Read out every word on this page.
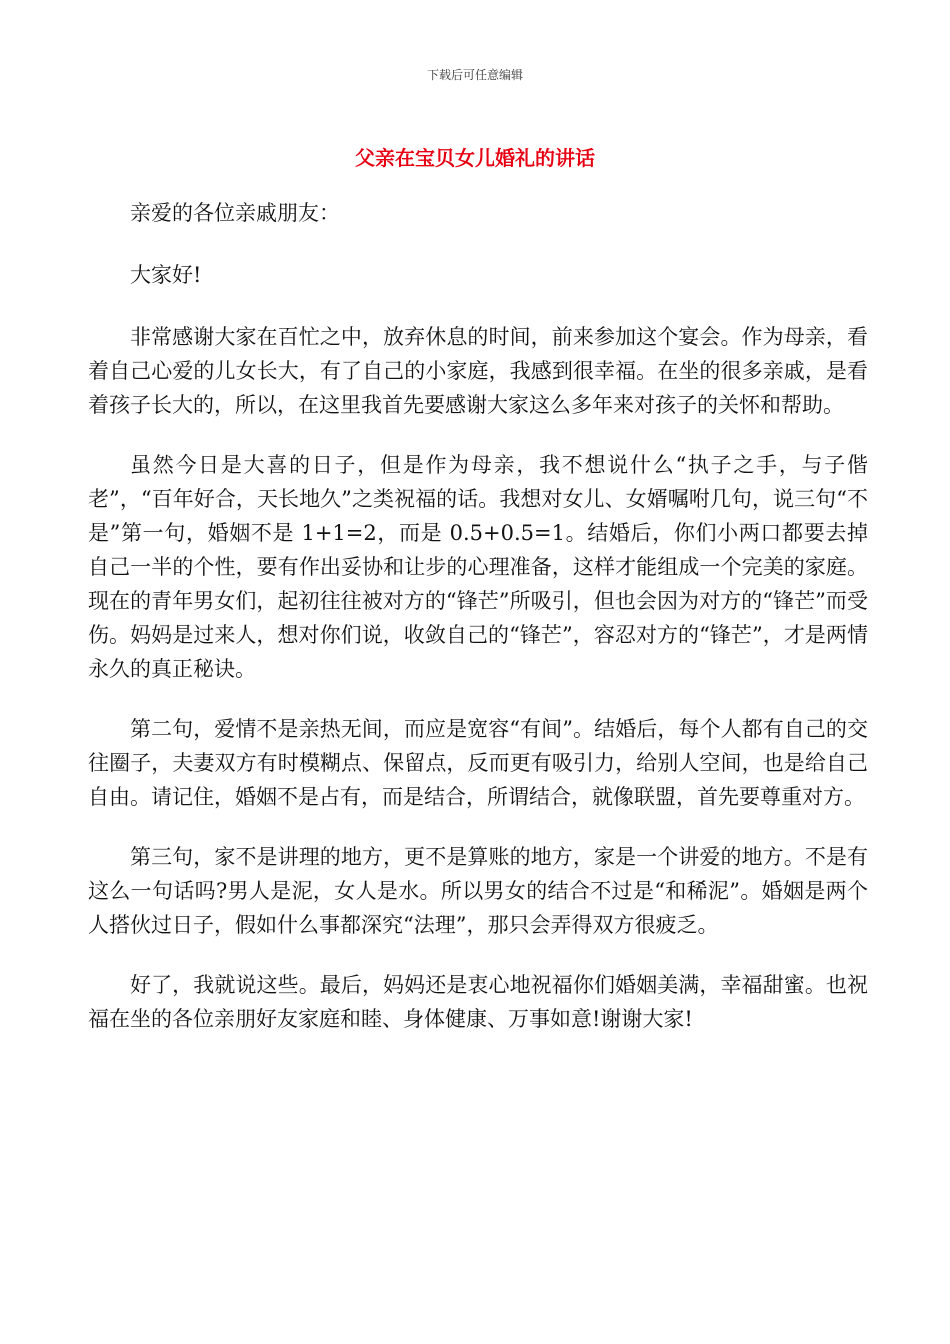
下载后可任意编辑
父亲在宝贝女儿婚礼的讲话

亲爱的各位亲戚朋友：

大家好!

非常感谢大家在百忙之中，放弃休息的时间，前来参加这个宴会。作为母亲，看着自己心爱的儿女长大，有了自己的小家庭，我感到很幸福。在坐的很多亲戚，是看着孩子长大的，所以，在这里我首先要感谢大家这么多年来对孩子的关怀和帮助。

虽然今日是大喜的日子，但是作为母亲，我不想说什么“执子之手，与子偕老”，“百年好合，天长地久”之类祝福的话。我想对女儿、女婿嘱咐几句，说三句“不是”第一句，婚姻不是 1+1=2，而是 0.5+0.5=1。结婚后，你们小两口都要去掉自己一半的个性，要有作出妥协和让步的心理准备，这样才能组成一个完美的家庭。现在的青年男女们，起初往往被对方的“锋芒”所吸引，但也会因为对方的“锋芒”而受伤。妈妈是过来人，想对你们说，收敛自己的“锋芒”，容忍对方的“锋芒”，才是两情永久的真正秘诀。

第二句，爱情不是亲热无间，而应是宽容“有间”。结婚后，每个人都有自己的交往圈子，夫妻双方有时模糊点、保留点，反而更有吸引力，给别人空间，也是给自己自由。请记住，婚姻不是占有，而是结合，所谓结合，就像联盟，首先要尊重对方。

第三句，家不是讲理的地方，更不是算账的地方，家是一个讲爱的地方。不是有这么一句话吗?男人是泥，女人是水。所以男女的结合不过是“和稀泥”。婚姻是两个人搭伙过日子，假如什么事都深究“法理”，那只会弄得双方很疲乏。

好了，我就说这些。最后，妈妈还是衷心地祝福你们婚姻美满，幸福甜蜜。也祝福在坐的各位亲朋好友家庭和睦、身体健康、万事如意!谢谢大家!
